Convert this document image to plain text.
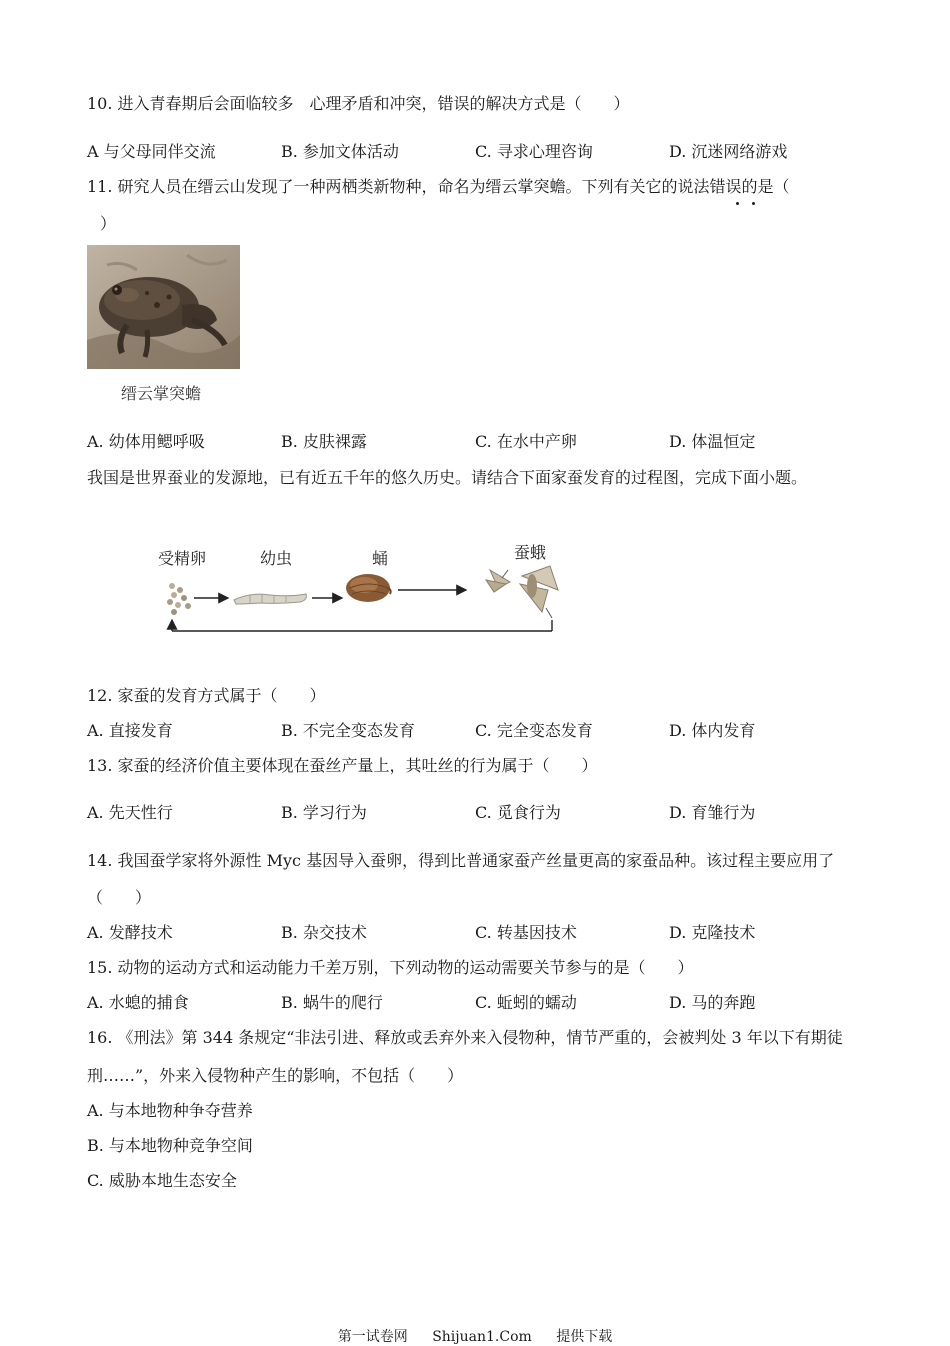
10. 进入青春期后会面临较多　心理矛盾和冲突，错误的解决方式是（　　）
A 与父母同伴交流	B. 参加文体活动	C. 寻求心理咨询	D. 沉迷网络游戏
11. 研究人员在缙云山发现了一种两栖类新物种，命名为缙云掌突蟾。下列有关它的说法错误的是（
）
缙云掌突蟾
A. 幼体用鳃呼吸	B. 皮肤裸露	C. 在水中产卵	D. 体温恒定
我国是世界蚕业的发源地，已有近五千年的悠久历史。请结合下面家蚕发育的过程图，完成下面小题。
受精卵	幼虫	蛹	蚕蛾
12. 家蚕的发育方式属于（　　）
A. 直接发育	B. 不完全变态发育	C. 完全变态发育	D. 体内发育
13. 家蚕的经济价值主要体现在蚕丝产量上，其吐丝的行为属于（　　）
A. 先天性行	B. 学习行为	C. 觅食行为	D. 育雏行为
14. 我国蚕学家将外源性 Myc 基因导入蚕卵，得到比普通家蚕产丝量更高的家蚕品种。该过程主要应用了
（　　）
A. 发酵技术	B. 杂交技术	C. 转基因技术	D. 克隆技术
15. 动物的运动方式和运动能力千差万别，下列动物的运动需要关节参与的是（　　）
A. 水螅的捕食	B. 蜗牛的爬行	C. 蚯蚓的蠕动	D. 马的奔跑
16. 《刑法》第 344 条规定“非法引进、释放或丢弃外来入侵物种，情节严重的，会被判处 3 年以下有期徒
刑……”，外来入侵物种产生的影响，不包括（　　）
A. 与本地物种争夺营养
B. 与本地物种竞争空间
C. 威胁本地生态安全
第一试卷网 Shijuan1.Com 提供下载
